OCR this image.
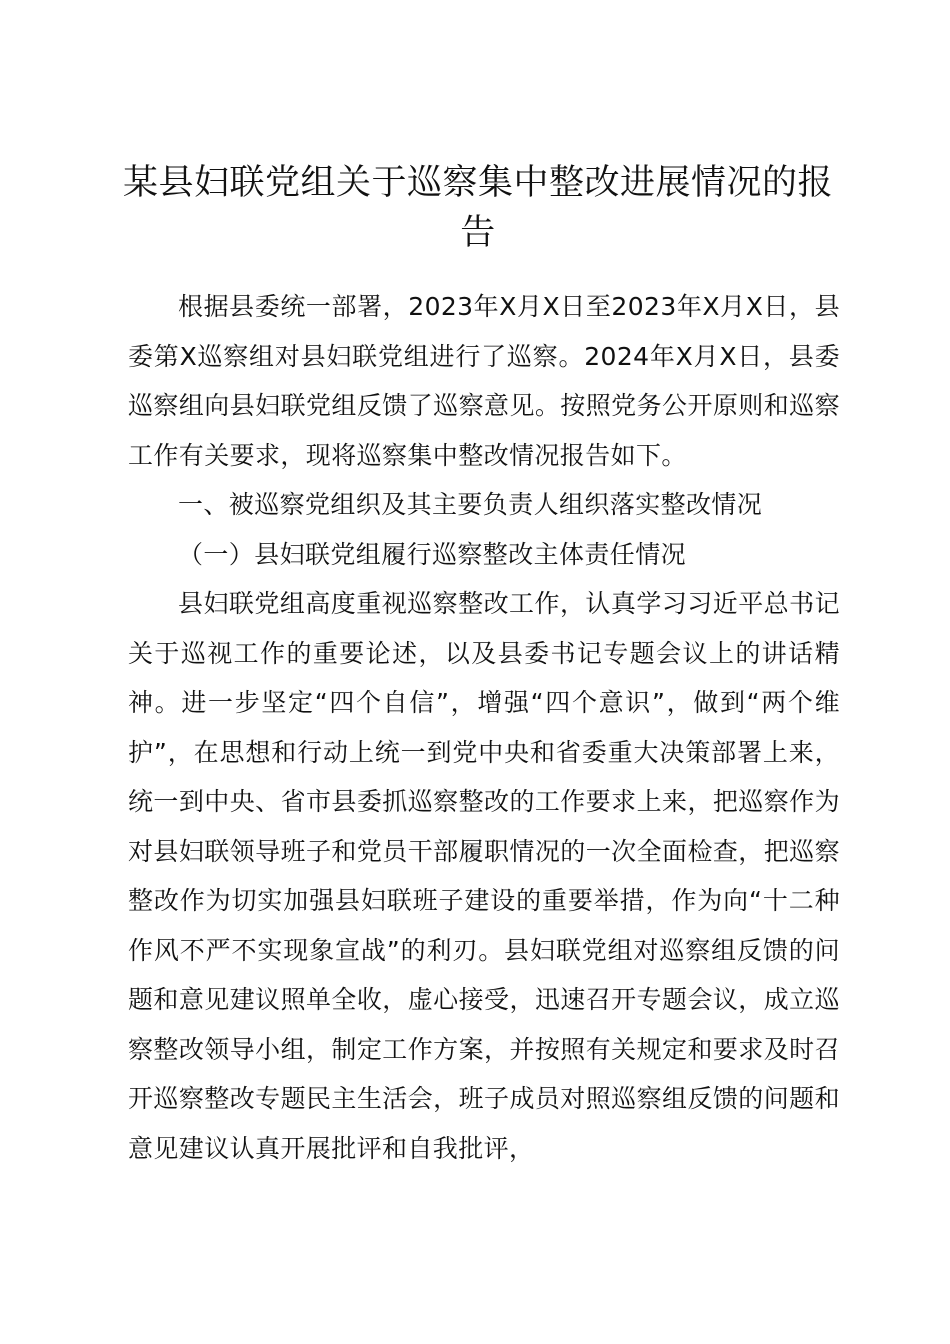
某县妇联党组关于巡察集中整改进展情况的报告

根据县委统一部署，2023年X月X日至2023年X月X日，县委第X巡察组对县妇联党组进行了巡察。2024年X月X日，县委巡察组向县妇联党组反馈了巡察意见。按照党务公开原则和巡察工作有关要求，现将巡察集中整改情况报告如下。

一、被巡察党组织及其主要负责人组织落实整改情况

（一）县妇联党组履行巡察整改主体责任情况

县妇联党组高度重视巡察整改工作，认真学习习近平总书记关于巡视工作的重要论述，以及县委书记专题会议上的讲话精神。进一步坚定“四个自信”，增强“四个意识”，做到“两个维护”，在思想和行动上统一到党中央和省委重大决策部署上来，统一到中央、省市县委抓巡察整改的工作要求上来，把巡察作为对县妇联领导班子和党员干部履职情况的一次全面检查，把巡察整改作为切实加强县妇联班子建设的重要举措，作为向“十二种作风不严不实现象宣战”的利刃。县妇联党组对巡察组反馈的问题和意见建议照单全收，虚心接受，迅速召开专题会议，成立巡察整改领导小组，制定工作方案，并按照有关规定和要求及时召开巡察整改专题民主生活会，班子成员对照巡察组反馈的问题和意见建议认真开展批评和自我批评，
